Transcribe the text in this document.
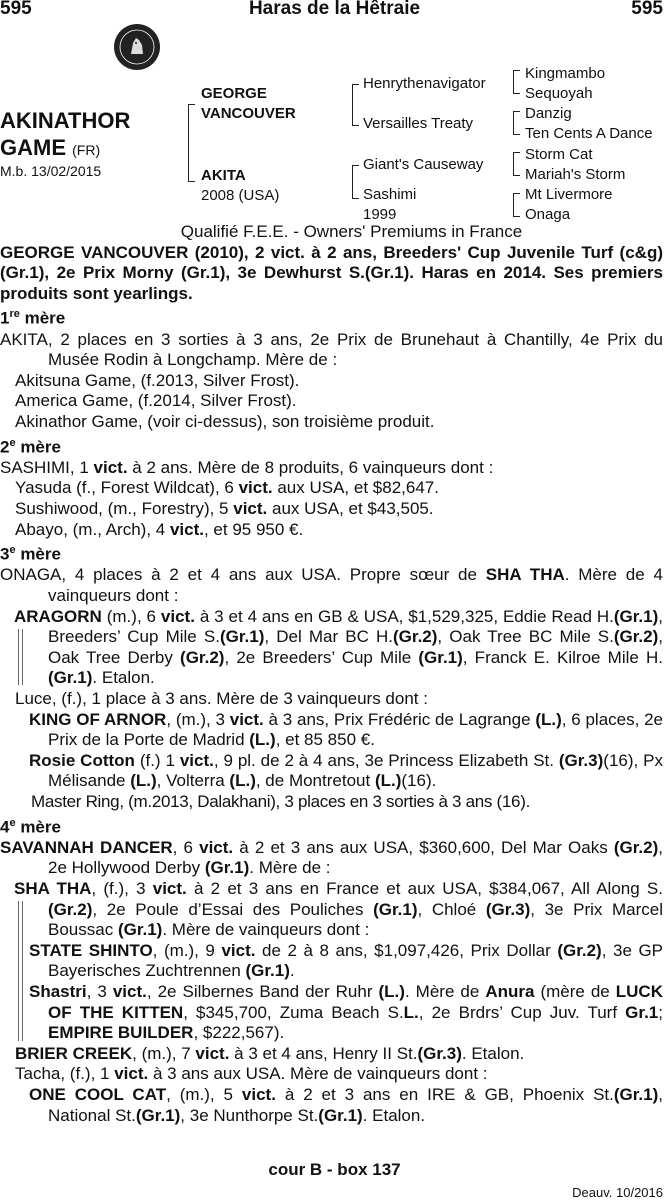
595	Haras de la Hêtraie	595
AKINATHOR
GAME (FR)
M.b. 13/02/2015
GEORGE
VANCOUVER
AKITA
2008 (USA)
Henrythenavigator
Versailles Treaty
Giant's Causeway
Sashimi
1999
Kingmambo
Sequoyah
Danzig
Ten Cents A Dance
Storm Cat
Mariah's Storm
Mt Livermore
Onaga

Qualifié F.E.E. - Owners' Premiums in France

GEORGE VANCOUVER (2010), 2 vict. à 2 ans, Breeders' Cup Juvenile Turf (c&g) (Gr.1), 2e Prix Morny (Gr.1), 3e Dewhurst S.(Gr.1). Haras en 2014. Ses premiers produits sont yearlings.

1re mère

AKITA, 2 places en 3 sorties à 3 ans, 2e Prix de Brunehaut à Chantilly, 4e Prix du Musée Rodin à Longchamp. Mère de :

Akitsuna Game, (f.2013, Silver Frost).

America Game, (f.2014, Silver Frost).

Akinathor Game, (voir ci-dessus), son troisième produit.

2e mère

SASHIMI, 1 vict. à 2 ans. Mère de 8 produits, 6 vainqueurs dont :

Yasuda (f., Forest Wildcat), 6 vict. aux USA, et $82,647.

Sushiwood, (m., Forestry), 5 vict. aux USA, et $43,505.

Abayo, (m., Arch), 4 vict., et 95 950 €.

3e mère

ONAGA, 4 places à 2 et 4 ans aux USA. Propre sœur de SHA THA. Mère de 4 vainqueurs dont :

ARAGORN (m.), 6 vict. à 3 et 4 ans en GB & USA, $1,529,325, Eddie Read H.(Gr.1), Breeders’ Cup Mile S.(Gr.1), Del Mar BC H.(Gr.2), Oak Tree BC Mile S.(Gr.2), Oak Tree Derby (Gr.2), 2e Breeders’ Cup Mile (Gr.1), Franck E. Kilroe Mile H.(Gr.1). Etalon.

Luce, (f.), 1 place à 3 ans. Mère de 3 vainqueurs dont :

KING OF ARNOR, (m.), 3 vict. à 3 ans, Prix Frédéric de Lagrange (L.), 6 places, 2e Prix de la Porte de Madrid (L.), et 85 850 €.

Rosie Cotton (f.) 1 vict., 9 pl. de 2 à 4 ans, 3e Princess Elizabeth St. (Gr.3)(16), Px Mélisande (L.), Volterra (L.), de Montretout (L.)(16).

Master Ring, (m.2013, Dalakhani), 3 places en 3 sorties à 3 ans (16).

4e mère

SAVANNAH DANCER, 6 vict. à 2 et 3 ans aux USA, $360,600, Del Mar Oaks (Gr.2), 2e Hollywood Derby (Gr.1). Mère de :

SHA THA, (f.), 3 vict. à 2 et 3 ans en France et aux USA, $384,067, All Along S.(Gr.2), 2e Poule d’Essai des Pouliches (Gr.1), Chloé (Gr.3), 3e Prix Marcel Boussac (Gr.1). Mère de vainqueurs dont :

STATE SHINTO, (m.), 9 vict. de 2 à 8 ans, $1,097,426, Prix Dollar (Gr.2), 3e GP Bayerisches Zuchtrennen (Gr.1).

Shastri, 3 vict., 2e Silbernes Band der Ruhr (L.). Mère de Anura (mère de LUCK OF THE KITTEN, $345,700, Zuma Beach S.L., 2e Brdrs’ Cup Juv. Turf Gr.1; EMPIRE BUILDER, $222,567).

BRIER CREEK, (m.), 7 vict. à 3 et 4 ans, Henry II St.(Gr.3). Etalon.

Tacha, (f.), 1 vict. à 3 ans aux USA. Mère de vainqueurs dont :

ONE COOL CAT, (m.), 5 vict. à 2 et 3 ans en IRE & GB, Phoenix St.(Gr.1), National St.(Gr.1), 3e Nunthorpe St.(Gr.1). Etalon.

cour B - box 137
Deauv. 10/2016
